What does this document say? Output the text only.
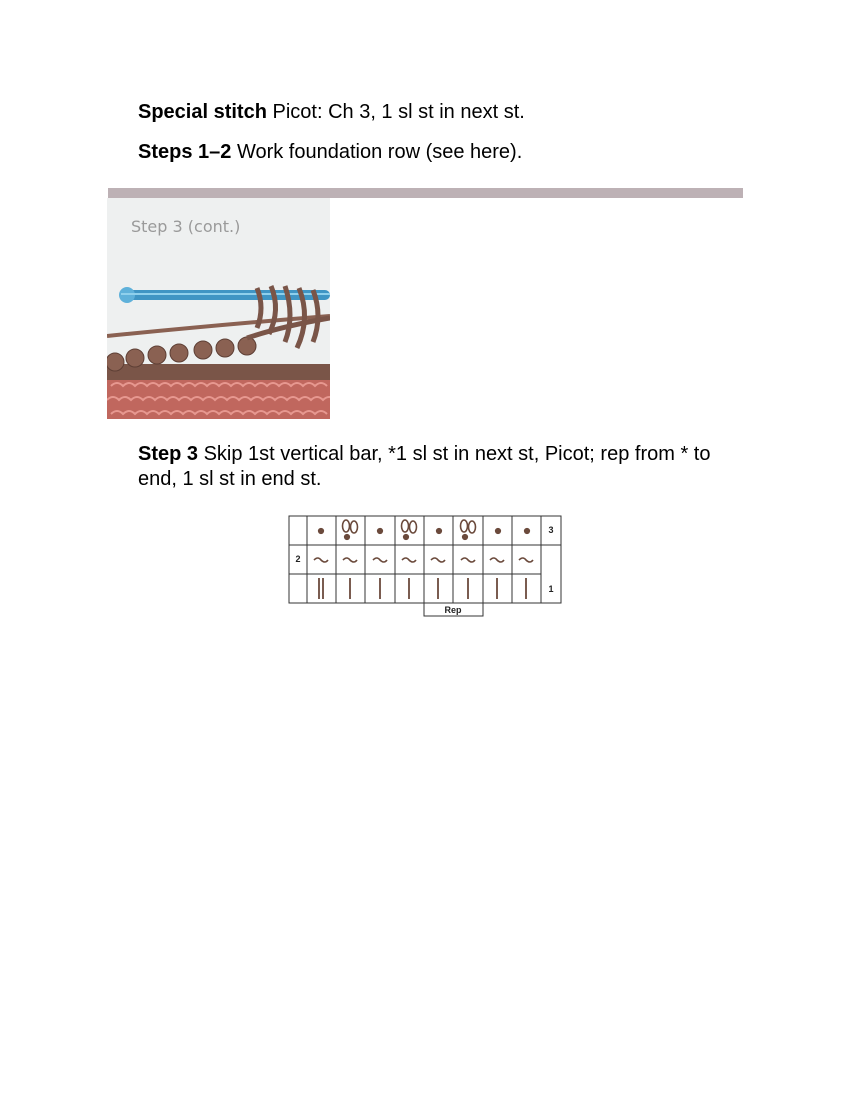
Special stitch Picot: Ch 3, 1 sl st in next st.

Steps 1–2 Work foundation row (see here).

Step 3 (cont.)

Step 3 Skip 1st vertical bar, *1 sl st in next st, Picot; rep from * to end, 1 sl st in end st.

3
2
1
Rep
